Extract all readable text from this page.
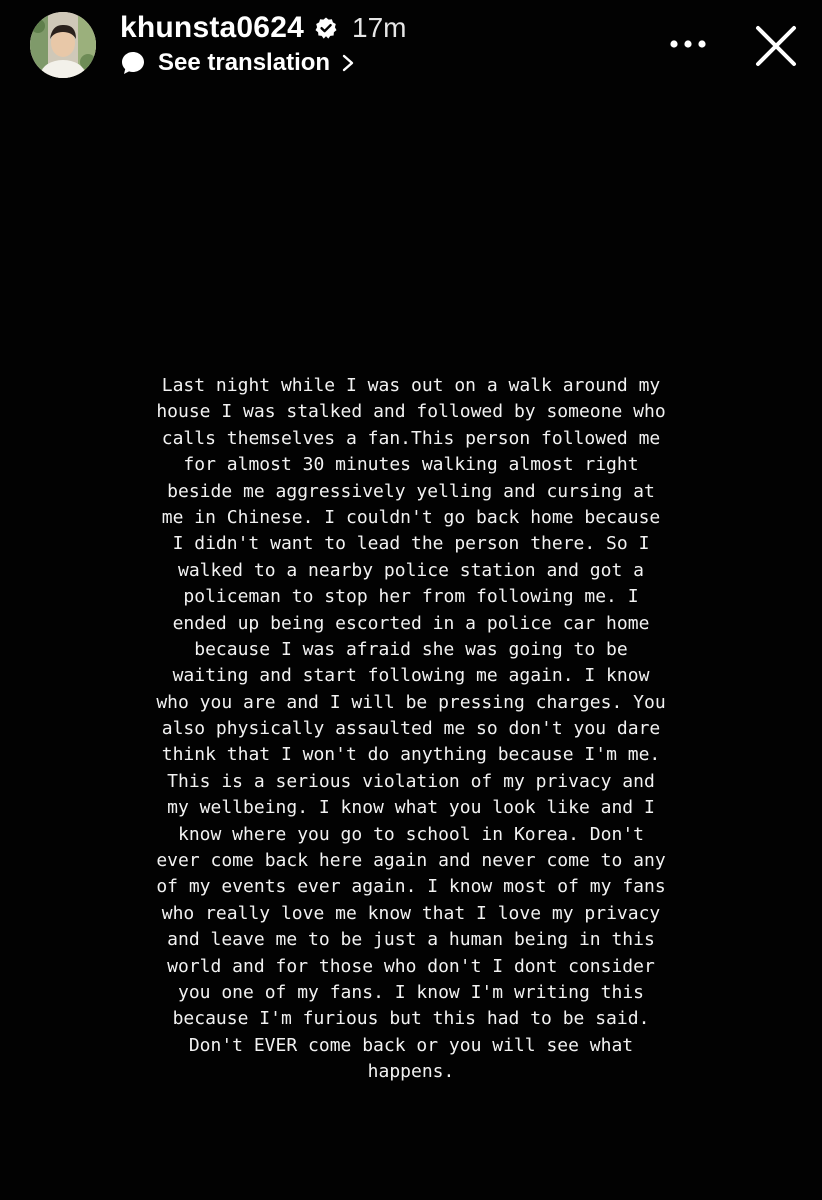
khunsta0624 17m
See translation
Last night while I was out on a walk around my
house I was stalked and followed by someone who
calls themselves a fan.This person followed me
for almost 30 minutes walking almost right
beside me aggressively yelling and cursing at
me in Chinese. I couldn't go back home because
I didn't want to lead the person there. So I
walked to a nearby police station and got a
policeman to stop her from following me. I
ended up being escorted in a police car home
because I was afraid she was going to be
waiting and start following me again. I know
who you are and I will be pressing charges. You
also physically assaulted me so don't you dare
think that I won't do anything because I'm me.
This is a serious violation of my privacy and
my wellbeing. I know what you look like and I
know where you go to school in Korea. Don't
ever come back here again and never come to any
of my events ever again. I know most of my fans
who really love me know that I love my privacy
and leave me to be just a human being in this
world and for those who don't I dont consider
you one of my fans. I know I'm writing this
because I'm furious but this had to be said.
Don't EVER come back or you will see what
happens.
